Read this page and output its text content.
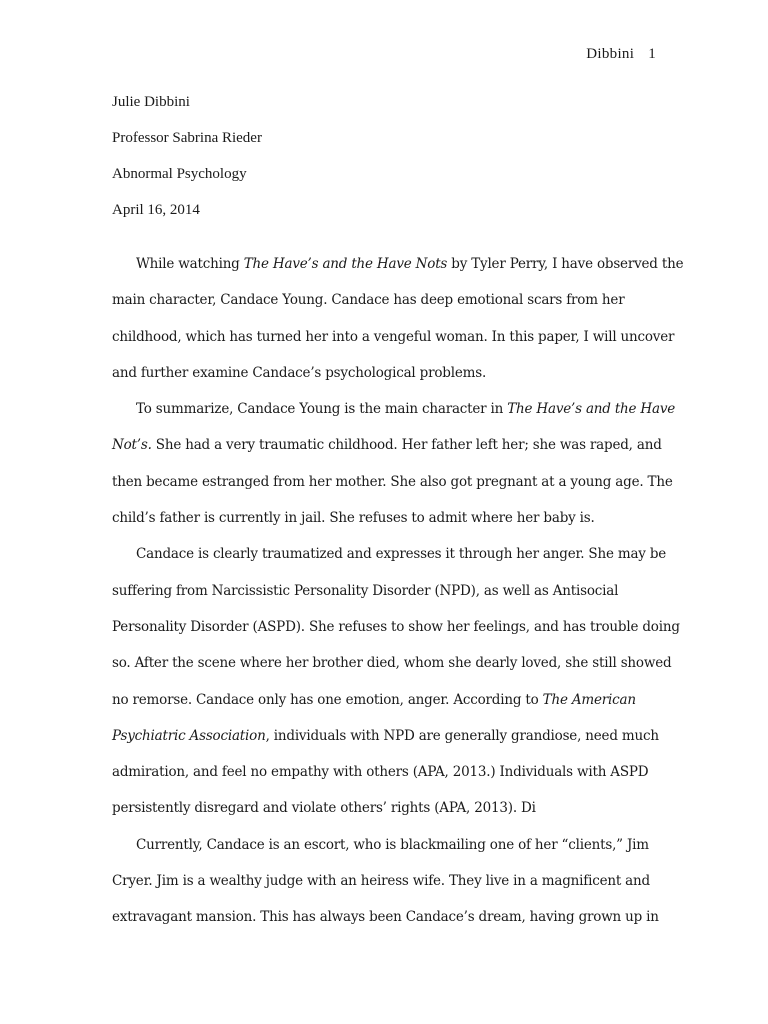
Dibbini 1
Julie Dibbini
Professor Sabrina Rieder
Abnormal Psychology
April 16, 2014
While watching The Have’s and the Have Nots by Tyler Perry, I have observed the
main character, Candace Young. Candace has deep emotional scars from her
childhood, which has turned her into a vengeful woman. In this paper, I will uncover
and further examine Candace’s psychological problems.
To summarize, Candace Young is the main character in The Have’s and the Have
Not’s. She had a very traumatic childhood. Her father left her; she was raped, and
then became estranged from her mother. She also got pregnant at a young age. The
child’s father is currently in jail. She refuses to admit where her baby is.
Candace is clearly traumatized and expresses it through her anger. She may be
suffering from Narcissistic Personality Disorder (NPD), as well as Antisocial
Personality Disorder (ASPD). She refuses to show her feelings, and has trouble doing
so. After the scene where her brother died, whom she dearly loved, she still showed
no remorse. Candace only has one emotion, anger. According to The American
Psychiatric Association, individuals with NPD are generally grandiose, need much
admiration, and feel no empathy with others (APA, 2013.) Individuals with ASPD
persistently disregard and violate others’ rights (APA, 2013). Di
Currently, Candace is an escort, who is blackmailing one of her “clients,” Jim
Cryer. Jim is a wealthy judge with an heiress wife. They live in a magnificent and
extravagant mansion. This has always been Candace’s dream, having grown up in
